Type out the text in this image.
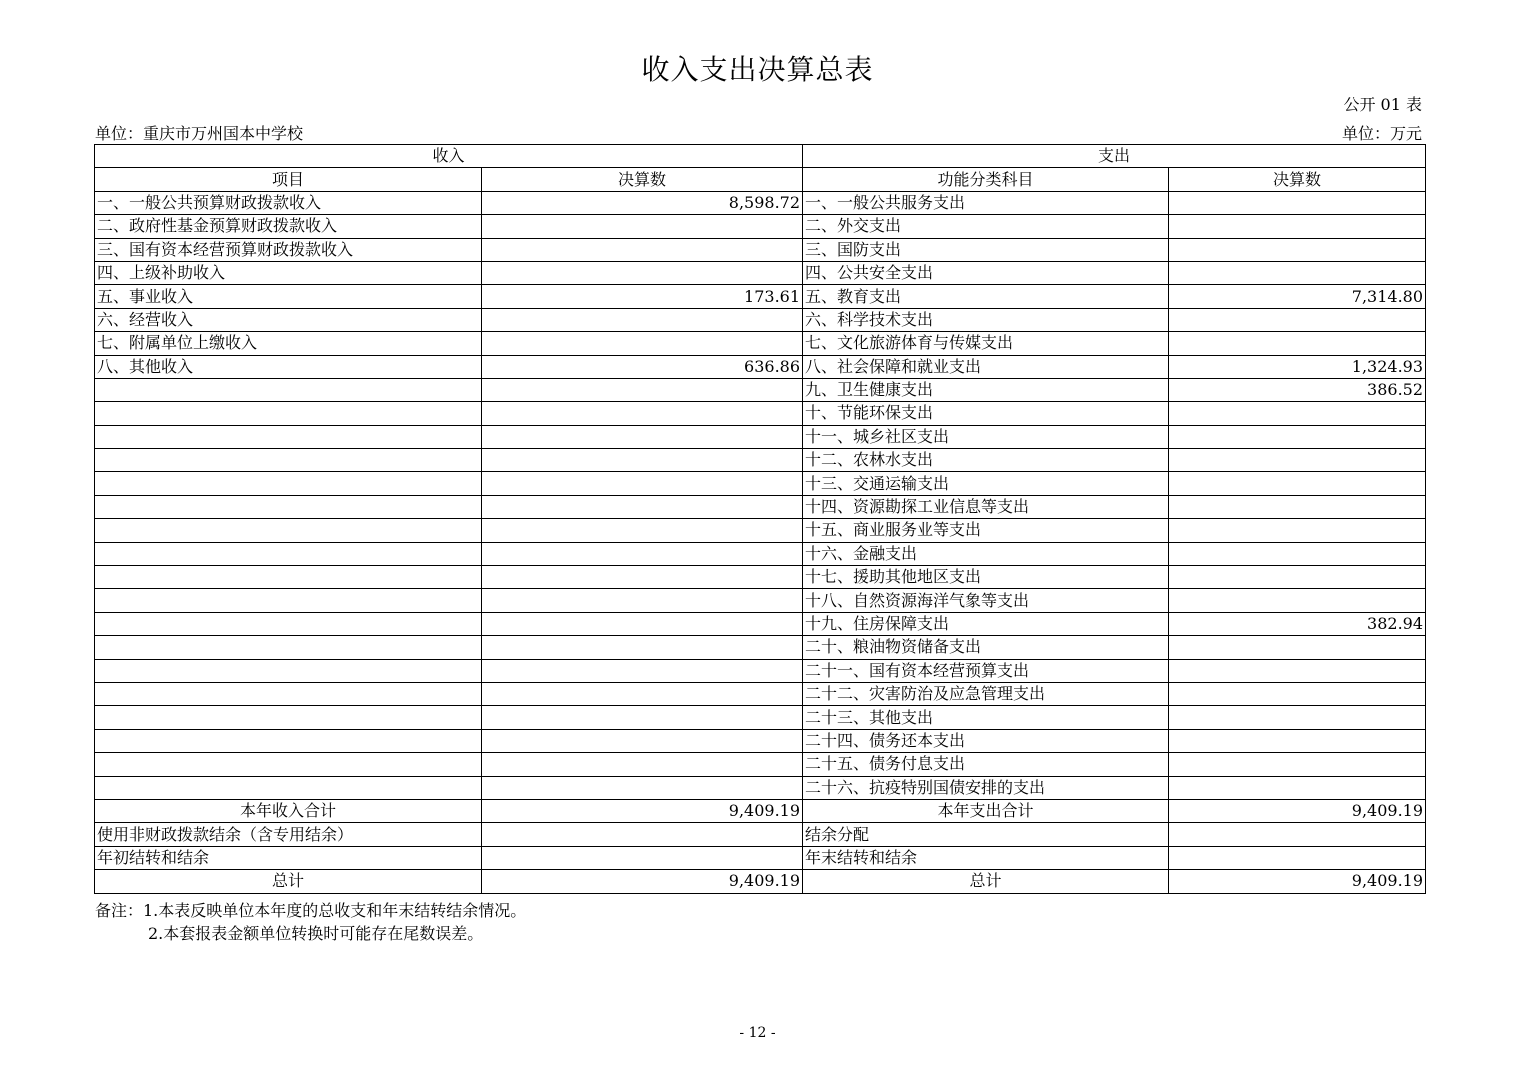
收入支出决算总表
公开 01 表
单位：重庆市万州国本中学校	单位：万元
收入		支出	
项目	决算数	功能分类科目	决算数
一、一般公共预算财政拨款收入	8,598.72	一、一般公共服务支出	
二、政府性基金预算财政拨款收入		二、外交支出	
三、国有资本经营预算财政拨款收入		三、国防支出	
四、上级补助收入		四、公共安全支出	
五、事业收入	173.61	五、教育支出	7,314.80
六、经营收入		六、科学技术支出	
七、附属单位上缴收入		七、文化旅游体育与传媒支出	
八、其他收入	636.86	八、社会保障和就业支出	1,324.93
		九、卫生健康支出	386.52
		十、节能环保支出	
		十一、城乡社区支出	
		十二、农林水支出	
		十三、交通运输支出	
		十四、资源勘探工业信息等支出	
		十五、商业服务业等支出	
		十六、金融支出	
		十七、援助其他地区支出	
		十八、自然资源海洋气象等支出	
		十九、住房保障支出	382.94
		二十、粮油物资储备支出	
		二十一、国有资本经营预算支出	
		二十二、灾害防治及应急管理支出	
		二十三、其他支出	
		二十四、债务还本支出	
		二十五、债务付息支出	
		二十六、抗疫特别国债安排的支出	
本年收入合计	9,409.19	本年支出合计	9,409.19
使用非财政拨款结余（含专用结余）		结余分配	
年初结转和结余		年末结转和结余	
总计	9,409.19	总计	9,409.19
备注：1.本表反映单位本年度的总收支和年末结转结余情况。
2.本套报表金额单位转换时可能存在尾数误差。
- 12 -
